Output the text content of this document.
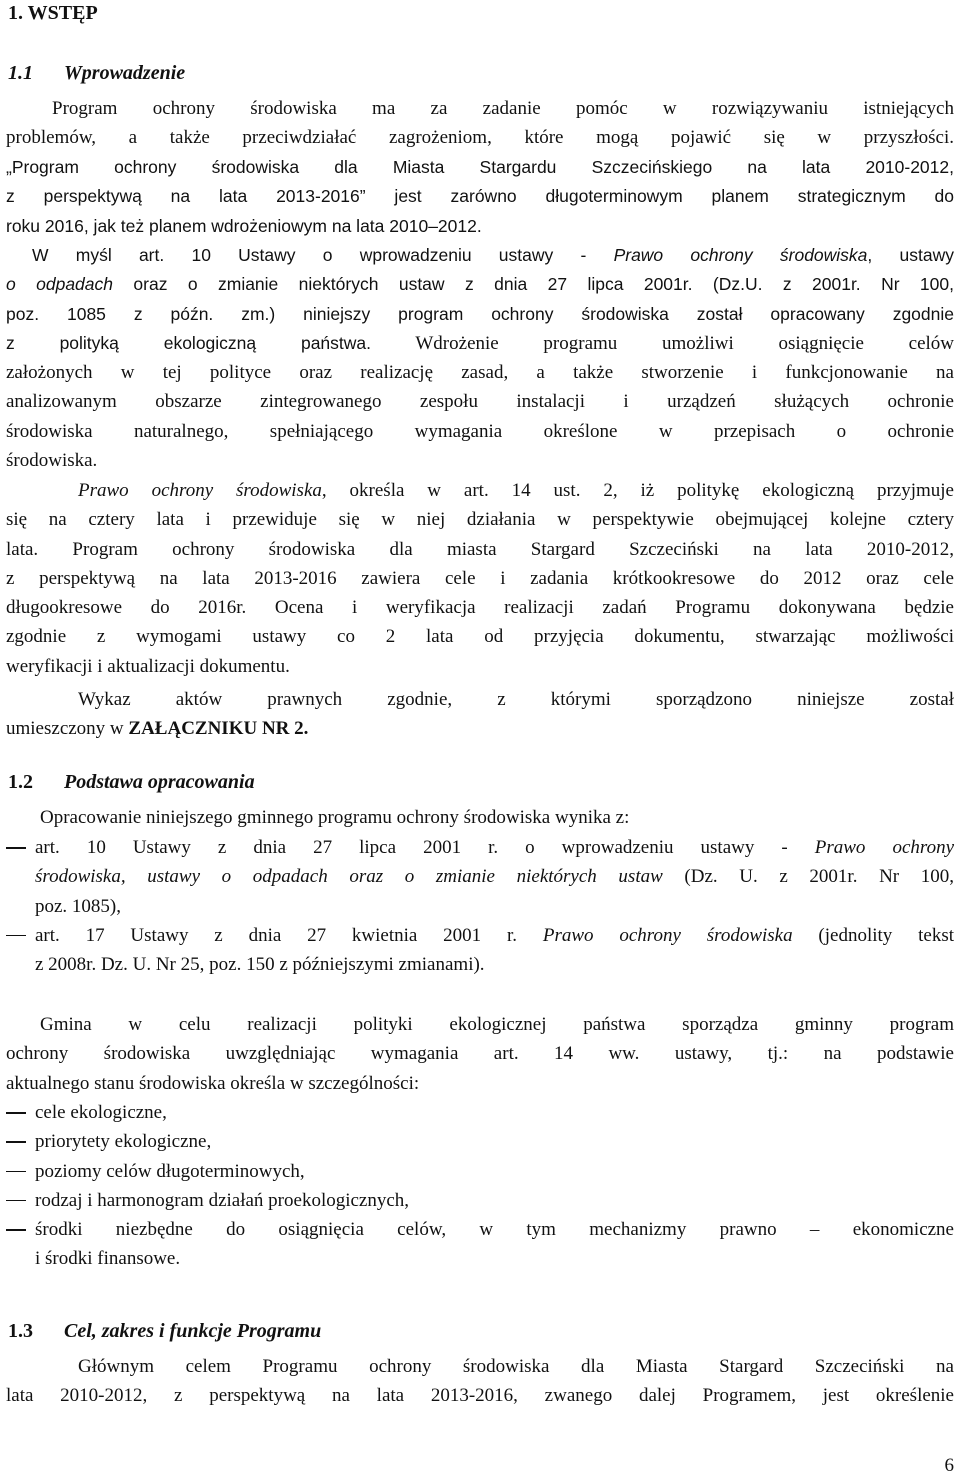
1. WSTĘP
1.1 Wprowadzenie
Program ochrony środowiska ma za zadanie pomóc w rozwiązywaniu istniejących
problemów, a także przeciwdziałać zagrożeniom, które mogą pojawić się w przyszłości.
„Program ochrony środowiska dla Miasta Stargardu Szczecińskiego na lata 2010-2012,
z perspektywą na lata 2013-2016” jest zarówno długoterminowym planem strategicznym do
roku 2016, jak też planem wdrożeniowym na lata 2010–2012.
W myśl art. 10 Ustawy o wprowadzeniu ustawy - Prawo ochrony środowiska, ustawy
o odpadach oraz o zmianie niektórych ustaw z dnia 27 lipca 2001r. (Dz.U. z 2001r. Nr 100,
poz. 1085 z późn. zm.) niniejszy program ochrony środowiska został opracowany zgodnie
z polityką ekologiczną państwa. Wdrożenie programu umożliwi osiągnięcie celów
założonych w tej polityce oraz realizację zasad, a także stworzenie i funkcjonowanie na
analizowanym obszarze zintegrowanego zespołu instalacji i urządzeń służących ochronie
środowiska naturalnego, spełniającego wymagania określone w przepisach o ochronie
środowiska.
Prawo ochrony środowiska, określa w art. 14 ust. 2, iż politykę ekologiczną przyjmuje
się na cztery lata i przewiduje się w niej działania w perspektywie obejmującej kolejne cztery
lata. Program ochrony środowiska dla miasta Stargard Szczeciński na lata 2010-2012,
z perspektywą na lata 2013-2016 zawiera cele i zadania krótkookresowe do 2012 oraz cele
długookresowe do 2016r. Ocena i weryfikacja realizacji zadań Programu dokonywana będzie
zgodnie z wymogami ustawy co 2 lata od przyjęcia dokumentu, stwarzając możliwości
weryfikacji i aktualizacji dokumentu.
Wykaz aktów prawnych zgodnie, z którymi sporządzono niniejsze został
umieszczony w ZAŁĄCZNIKU NR 2.
1.2 Podstawa opracowania
Opracowanie niniejszego gminnego programu ochrony środowiska wynika z:
art. 10 Ustawy z dnia 27 lipca 2001 r. o wprowadzeniu ustawy - Prawo ochrony
środowiska, ustawy o odpadach oraz o zmianie niektórych ustaw (Dz. U. z 2001r. Nr 100,
poz. 1085),
art. 17 Ustawy z dnia 27 kwietnia 2001 r. Prawo ochrony środowiska (jednolity tekst
z 2008r. Dz. U. Nr 25, poz. 150 z późniejszymi zmianami).
Gmina w celu realizacji polityki ekologicznej państwa sporządza gminny program
ochrony środowiska uwzględniając wymagania art. 14 ww. ustawy, tj.: na podstawie
aktualnego stanu środowiska określa w szczególności:
cele ekologiczne,
priorytety ekologiczne,
poziomy celów długoterminowych,
rodzaj i harmonogram działań proekologicznych,
środki niezbędne do osiągnięcia celów, w tym mechanizmy prawno – ekonomiczne
i środki finansowe.
1.3 Cel, zakres i funkcje Programu
Głównym celem Programu ochrony środowiska dla Miasta Stargard Szczeciński na
lata 2010-2012, z perspektywą na lata 2013-2016, zwanego dalej Programem, jest określenie
6
